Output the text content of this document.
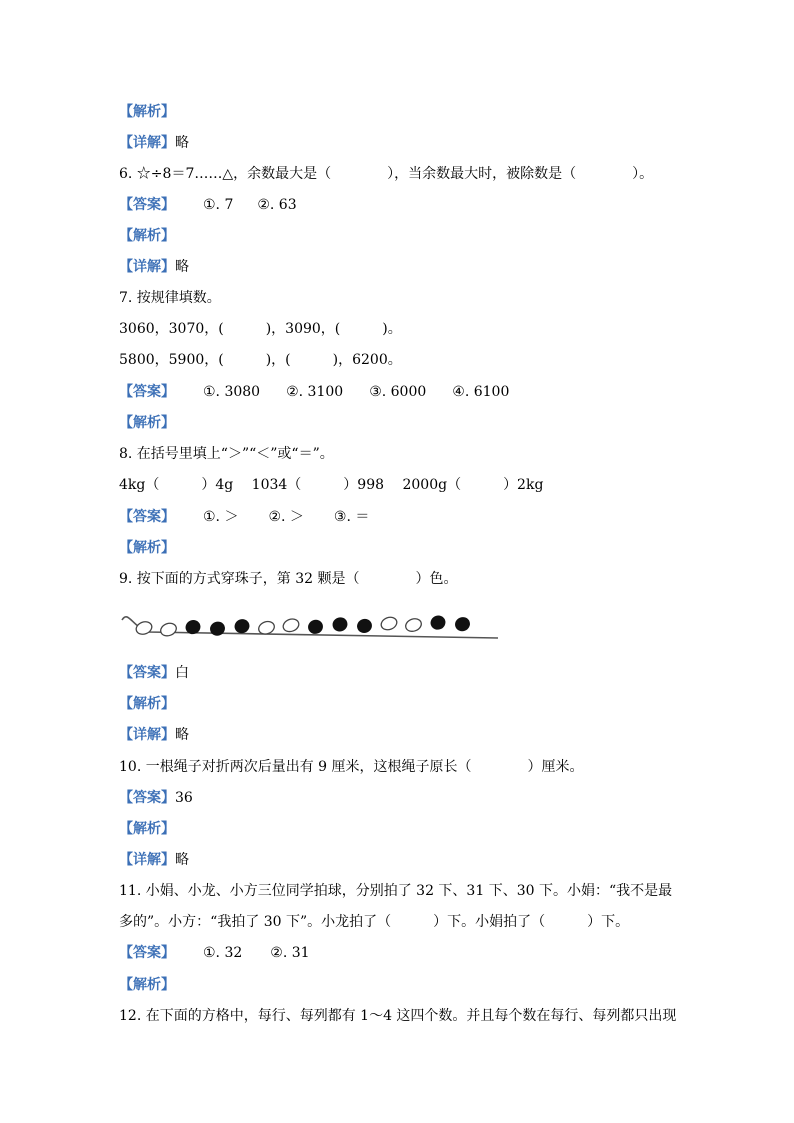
【解析】
【详解】略
6. ☆÷8＝7……△，余数最大是（　　　　），当余数最大时，被除数是（　　　　）。
【答案】 ①. 7 ②. 63
【解析】
【详解】略
7. 按规律填数。
3060，3070，(　　　)，3090，(　　　)。
5800，5900，(　　　)，(　　　)，6200。
【答案】 ①. 3080 ②. 3100 ③. 6000 ④. 6100
【解析】
8. 在括号里填上“＞”“＜”或“＝”。
4kg（　　　）4g　 1034（　　　）998　 2000g（　　　）2kg
【答案】 ①. ＞ ②. ＞ ③. ＝
【解析】
9. 按下面的方式穿珠子，第 32 颗是（　　　　）色。
【答案】白
【解析】
【详解】略
10. 一根绳子对折两次后量出有 9 厘米，这根绳子原长（　　　　）厘米。
【答案】36
【解析】
【详解】略
11. 小娟、小龙、小方三位同学拍球，分别拍了 32 下、31 下、30 下。小娟：“我不是最
多的”。小方：“我拍了 30 下”。小龙拍了（　　　）下。小娟拍了（　　　）下。
【答案】 ①. 32 ②. 31
【解析】
12. 在下面的方格中，每行、每列都有 1～4 这四个数。并且每个数在每行、每列都只出现
